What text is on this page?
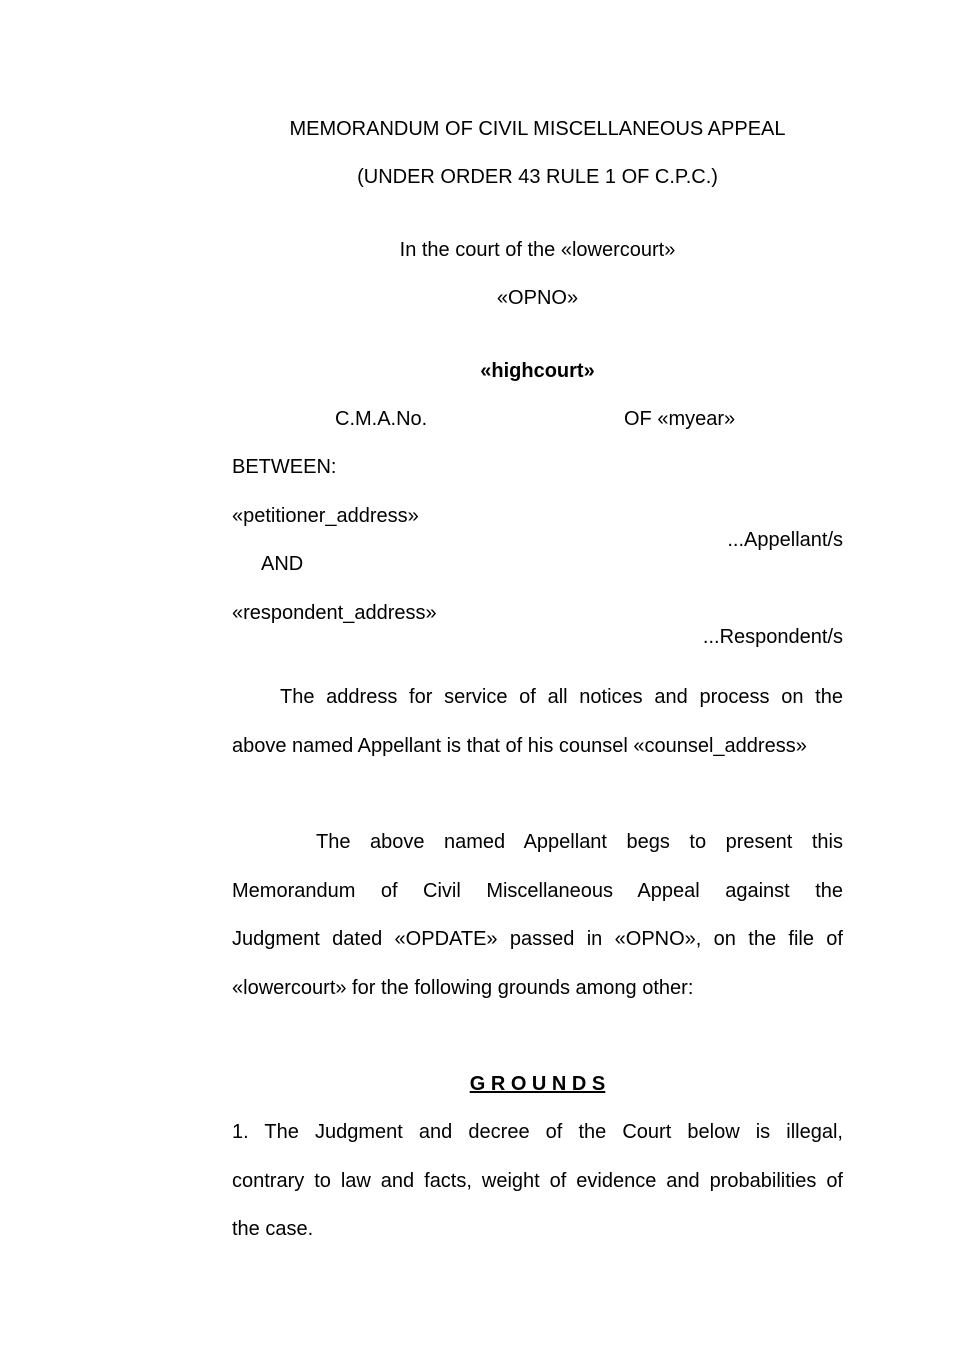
MEMORANDUM OF CIVIL MISCELLANEOUS APPEAL
(UNDER ORDER 43 RULE 1 OF C.P.C.)
In the court of the «lowercourt»
«OPNO»
«highcourt»
C.M.A.No.	OF «myear»
BETWEEN:
«petitioner_address»
...Appellant/s
AND
«respondent_address»
...Respondent/s
The address for service of all notices and process on the
above named Appellant is that of his counsel «counsel_address»
The above named Appellant begs to present this
Memorandum of Civil Miscellaneous Appeal against the
Judgment dated «OPDATE» passed in «OPNO», on the file of
«lowercourt» for the following grounds among other:
G R O U N D S
1. The Judgment and decree of the Court below is illegal,
contrary to law and facts, weight of evidence and probabilities of
the case.
